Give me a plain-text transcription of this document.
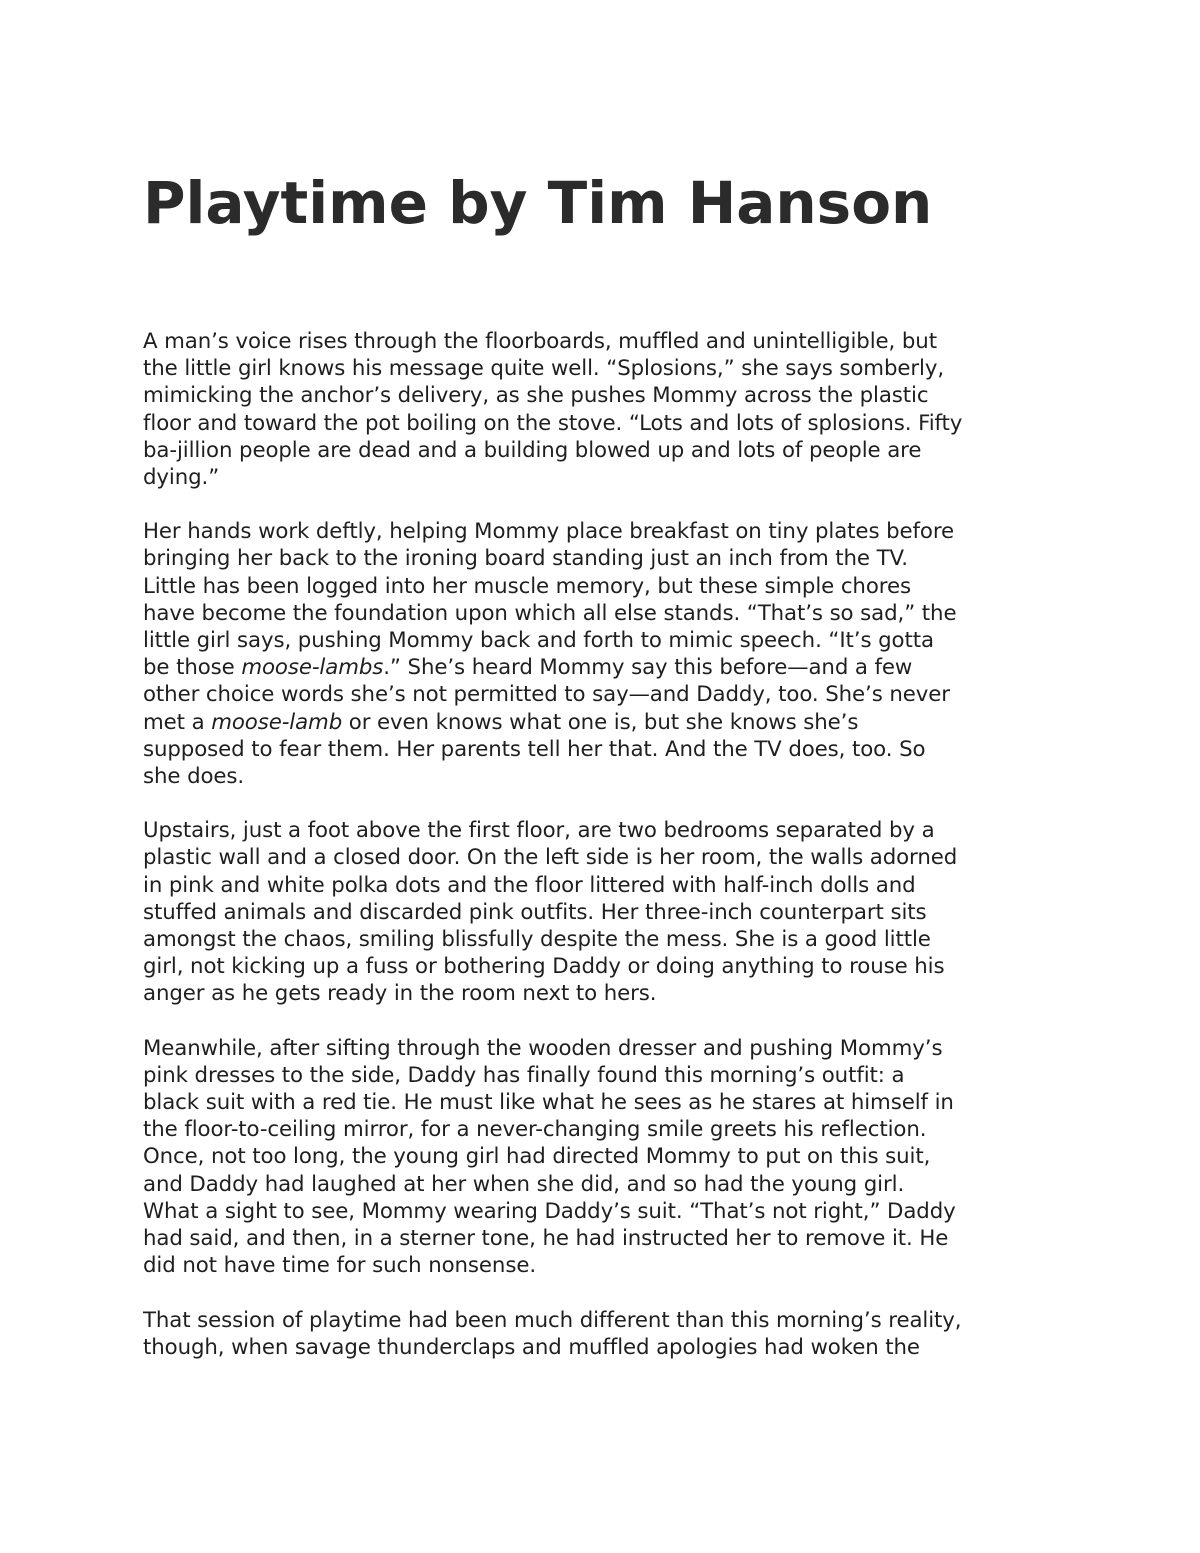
Playtime by Tim Hanson

A man’s voice rises through the floorboards, muffled and unintelligible, but
the little girl knows his message quite well. “Splosions,” she says somberly,
mimicking the anchor’s delivery, as she pushes Mommy across the plastic
floor and toward the pot boiling on the stove. “Lots and lots of splosions. Fifty
ba-jillion people are dead and a building blowed up and lots of people are
dying.”

Her hands work deftly, helping Mommy place breakfast on tiny plates before
bringing her back to the ironing board standing just an inch from the TV.
Little has been logged into her muscle memory, but these simple chores
have become the foundation upon which all else stands. “That’s so sad,” the
little girl says, pushing Mommy back and forth to mimic speech. “It’s gotta
be those moose-lambs.” She’s heard Mommy say this before—and a few
other choice words she’s not permitted to say—and Daddy, too. She’s never
met a moose-lamb or even knows what one is, but she knows she’s
supposed to fear them. Her parents tell her that. And the TV does, too. So
she does.

Upstairs, just a foot above the first floor, are two bedrooms separated by a
plastic wall and a closed door. On the left side is her room, the walls adorned
in pink and white polka dots and the floor littered with half-inch dolls and
stuffed animals and discarded pink outfits. Her three-inch counterpart sits
amongst the chaos, smiling blissfully despite the mess. She is a good little
girl, not kicking up a fuss or bothering Daddy or doing anything to rouse his
anger as he gets ready in the room next to hers.

Meanwhile, after sifting through the wooden dresser and pushing Mommy’s
pink dresses to the side, Daddy has finally found this morning’s outfit: a
black suit with a red tie. He must like what he sees as he stares at himself in
the floor-to-ceiling mirror, for a never-changing smile greets his reflection.
Once, not too long, the young girl had directed Mommy to put on this suit,
and Daddy had laughed at her when she did, and so had the young girl.
What a sight to see, Mommy wearing Daddy’s suit. “That’s not right,” Daddy
had said, and then, in a sterner tone, he had instructed her to remove it. He
did not have time for such nonsense.

That session of playtime had been much different than this morning’s reality,
though, when savage thunderclaps and muffled apologies had woken the
